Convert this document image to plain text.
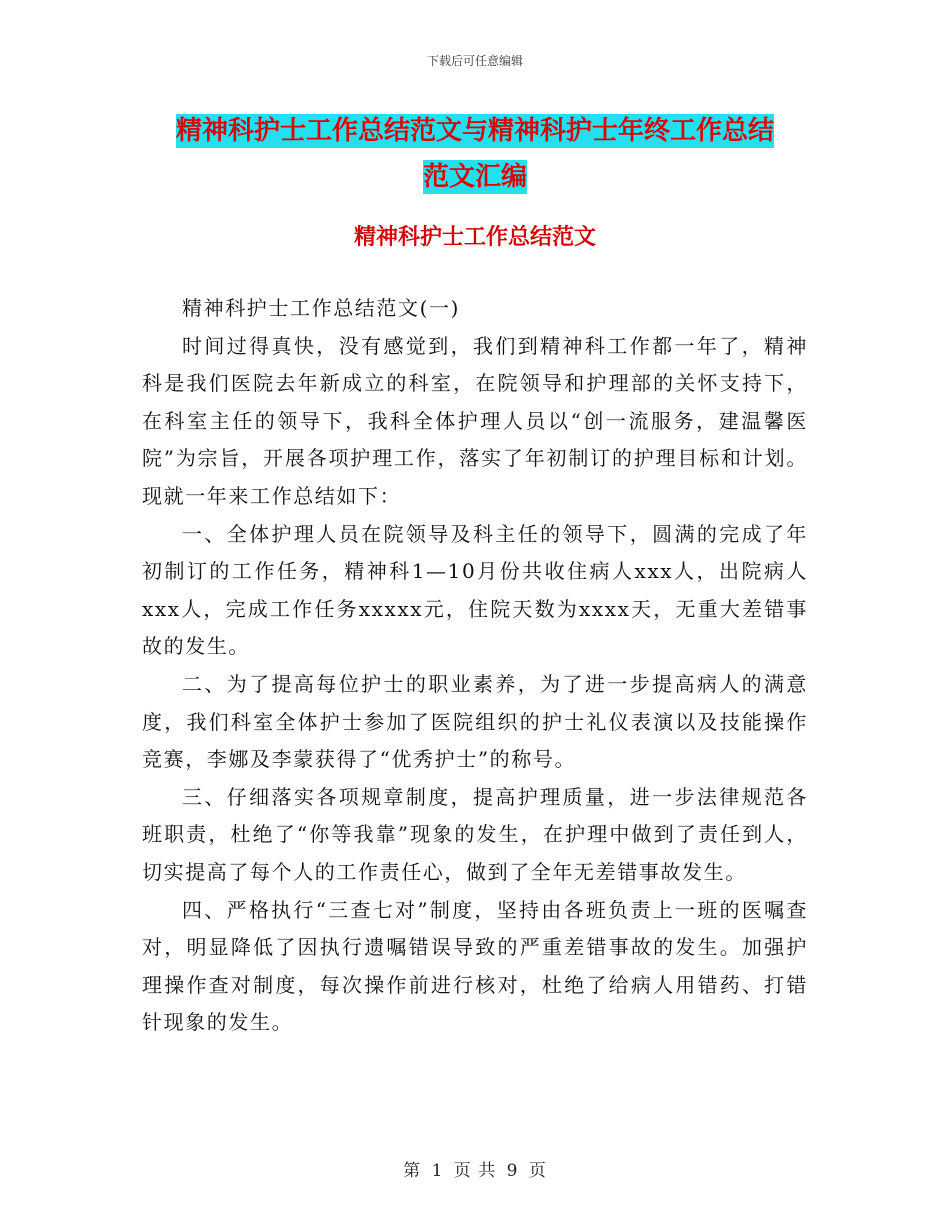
下载后可任意编辑
精神科护士工作总结范文与精神科护士年终工作总结
范文汇编
精神科护士工作总结范文

精神科护士工作总结范文(一)

时间过得真快，没有感觉到，我们到精神科工作都一年了，精神科是我们医院去年新成立的科室，在院领导和护理部的关怀支持下，在科室主任的领导下，我科全体护理人员以“创一流服务，建温馨医院”为宗旨，开展各项护理工作，落实了年初制订的护理目标和计划。现就一年来工作总结如下：

一、全体护理人员在院领导及科主任的领导下，圆满的完成了年初制订的工作任务，精神科1—10月份共收住病人xxx人，出院病人xxx人，完成工作任务xxxxx元，住院天数为xxxx天，无重大差错事故的发生。

二、为了提高每位护士的职业素养，为了进一步提高病人的满意度，我们科室全体护士参加了医院组织的护士礼仪表演以及技能操作竞赛，李娜及李蒙获得了“优秀护士”的称号。

三、仔细落实各项规章制度，提高护理质量，进一步法律规范各班职责，杜绝了“你等我靠”现象的发生，在护理中做到了责任到人，切实提高了每个人的工作责任心，做到了全年无差错事故发生。

四、严格执行“三查七对”制度，坚持由各班负责上一班的医嘱查对，明显降低了因执行遗嘱错误导致的严重差错事故的发生。加强护理操作查对制度，每次操作前进行核对，杜绝了给病人用错药、打错针现象的发生。

第 1 页 共 9 页
